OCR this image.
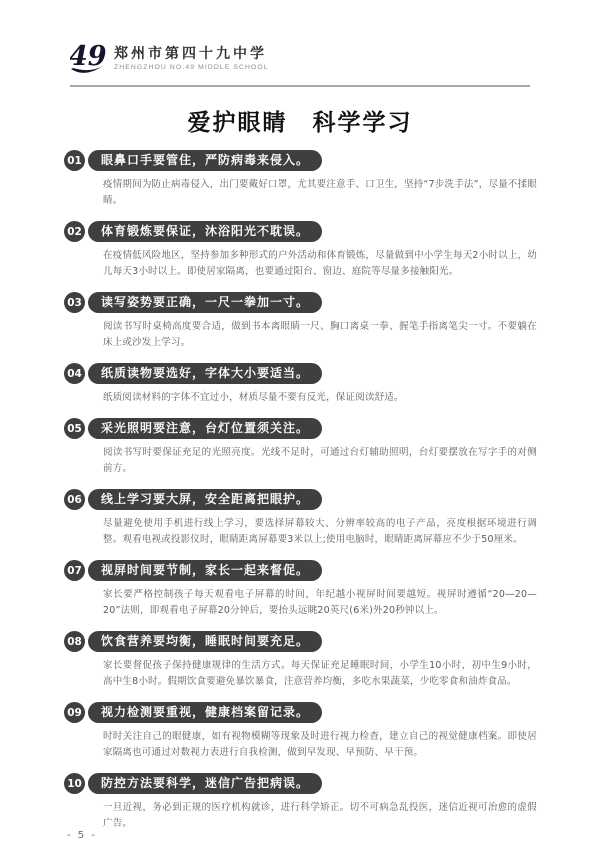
49 郑州市第四十九中学
ZHENGZHOU NO.49 MIDDLE SCHOOL
爱护眼睛　科学学习
01	眼鼻口手要管住，严防病毒来侵入。

疫情期间为防止病毒侵入，出门要戴好口罩，尤其要注意手、口卫生，坚持“7步洗手法”，尽量不揉眼睛。

02	体育锻炼要保证，沐浴阳光不耽误。

在疫情低风险地区，坚持参加多种形式的户外活动和体育锻炼，尽量做到中小学生每天2小时以上，幼儿每天3小时以上。即使居家隔离，也要通过阳台、窗边、庭院等尽量多接触阳光。

03	读写姿势要正确，一尺一拳加一寸。

阅读书写时桌椅高度要合适，做到书本离眼睛一尺、胸口离桌一拳、握笔手指离笔尖一寸。不要躺在床上或沙发上学习。

04	纸质读物要选好，字体大小要适当。

纸质阅读材料的字体不宜过小，材质尽量不要有反光，保证阅读舒适。

05	采光照明要注意，台灯位置须关注。

阅读书写时要保证充足的光照亮度。光线不足时，可通过台灯辅助照明，台灯要摆放在写字手的对侧前方。

06	线上学习要大屏，安全距离把眼护。

尽量避免使用手机进行线上学习，要选择屏幕较大、分辨率较高的电子产品，亮度根据环境进行调整。观看电视或投影仪时，眼睛距离屏幕要3米以上;使用电脑时，眼睛距离屏幕应不少于50厘米。

07	视屏时间要节制，家长一起来督促。

家长要严格控制孩子每天观看电子屏幕的时间，年纪越小视屏时间要越短。视屏时遵循“20—20—20”法则，即观看电子屏幕20分钟后，要抬头远眺20英尺(6米)外20秒钟以上。

08	饮食营养要均衡，睡眠时间要充足。

家长要督促孩子保持健康规律的生活方式。每天保证充足睡眠时间，小学生10小时，初中生9小时，高中生8小时。假期饮食要避免暴饮暴食，注意营养均衡，多吃水果蔬菜，少吃零食和油炸食品。

09	视力检测要重视，健康档案留记录。

时时关注自己的眼健康，如有视物模糊等现象及时进行视力检查，建立自己的视觉健康档案。即使居家隔离也可通过对数视力表进行自我检测，做到早发现、早预防、早干预。

10	防控方法要科学，迷信广告把病误。

一旦近视，务必到正规的医疗机构就诊，进行科学矫正。切不可病急乱投医，迷信近视可治愈的虚假广告。

- 5 -
